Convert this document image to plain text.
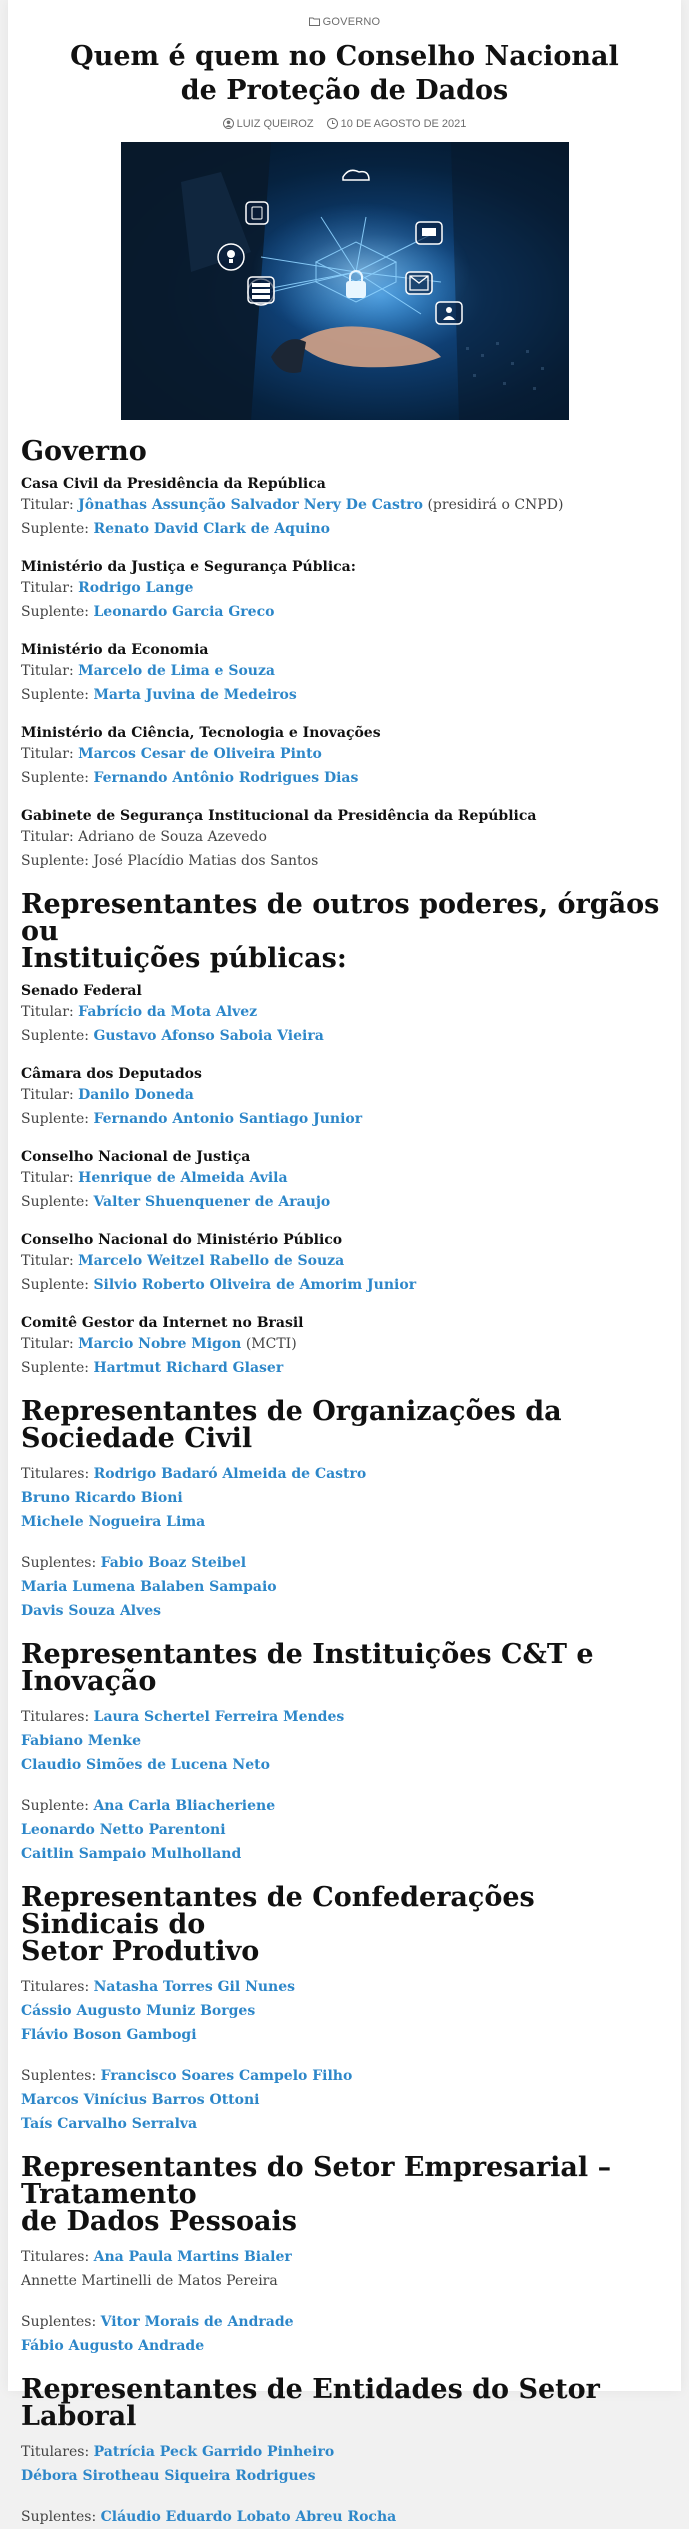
GOVERNO
Quem é quem no Conselho Nacional de Proteção de Dados
LUIZ QUEIROZ 10 DE AGOSTO DE 2021
Governo
Casa Civil da Presidência da República
Titular: Jônathas Assunção Salvador Nery De Castro (presidirá o CNPD)
Suplente: Renato David Clark de Aquino
Ministério da Justiça e Segurança Pública:
Titular: Rodrigo Lange
Suplente: Leonardo Garcia Greco
Ministério da Economia
Titular: Marcelo de Lima e Souza
Suplente: Marta Juvina de Medeiros
Ministério da Ciência, Tecnologia e Inovações
Titular: Marcos Cesar de Oliveira Pinto
Suplente: Fernando Antônio Rodrigues Dias
Gabinete de Segurança Institucional da Presidência da República
Titular: Adriano de Souza Azevedo
Suplente: José Placídio Matias dos Santos
Representantes de outros poderes, órgãos ou
Instituições públicas:
Senado Federal
Titular: Fabrício da Mota Alvez
Suplente: Gustavo Afonso Saboia Vieira
Câmara dos Deputados
Titular: Danilo Doneda
Suplente: Fernando Antonio Santiago Junior
Conselho Nacional de Justiça
Titular: Henrique de Almeida Avila
Suplente: Valter Shuenquener de Araujo
Conselho Nacional do Ministério Público
Titular: Marcelo Weitzel Rabello de Souza
Suplente: Silvio Roberto Oliveira de Amorim Junior
Comitê Gestor da Internet no Brasil
Titular: Marcio Nobre Migon (MCTI)
Suplente: Hartmut Richard Glaser
Representantes de Organizações da Sociedade Civil
Titulares: Rodrigo Badaró Almeida de Castro
Bruno Ricardo Bioni
Michele Nogueira Lima
Suplentes: Fabio Boaz Steibel
Maria Lumena Balaben Sampaio
Davis Souza Alves
Representantes de Instituições C&T e Inovação
Titulares: Laura Schertel Ferreira Mendes
Fabiano Menke
Claudio Simões de Lucena Neto
Suplente: Ana Carla Bliacheriene
Leonardo Netto Parentoni
Caitlin Sampaio Mulholland
Representantes de Confederações Sindicais do
Setor Produtivo
Titulares: Natasha Torres Gil Nunes
Cássio Augusto Muniz Borges
Flávio Boson Gambogi
Suplentes: Francisco Soares Campelo Filho
Marcos Vinícius Barros Ottoni
Taís Carvalho Serralva
Representantes do Setor Empresarial – Tratamento
de Dados Pessoais
Titulares: Ana Paula Martins Bialer
Annette Martinelli de Matos Pereira
Suplentes: Vitor Morais de Andrade
Fábio Augusto Andrade
Representantes de Entidades do Setor Laboral
Titulares: Patrícia Peck Garrido Pinheiro
Débora Sirotheau Siqueira Rodrigues
Suplentes: Cláudio Eduardo Lobato Abreu Rocha
